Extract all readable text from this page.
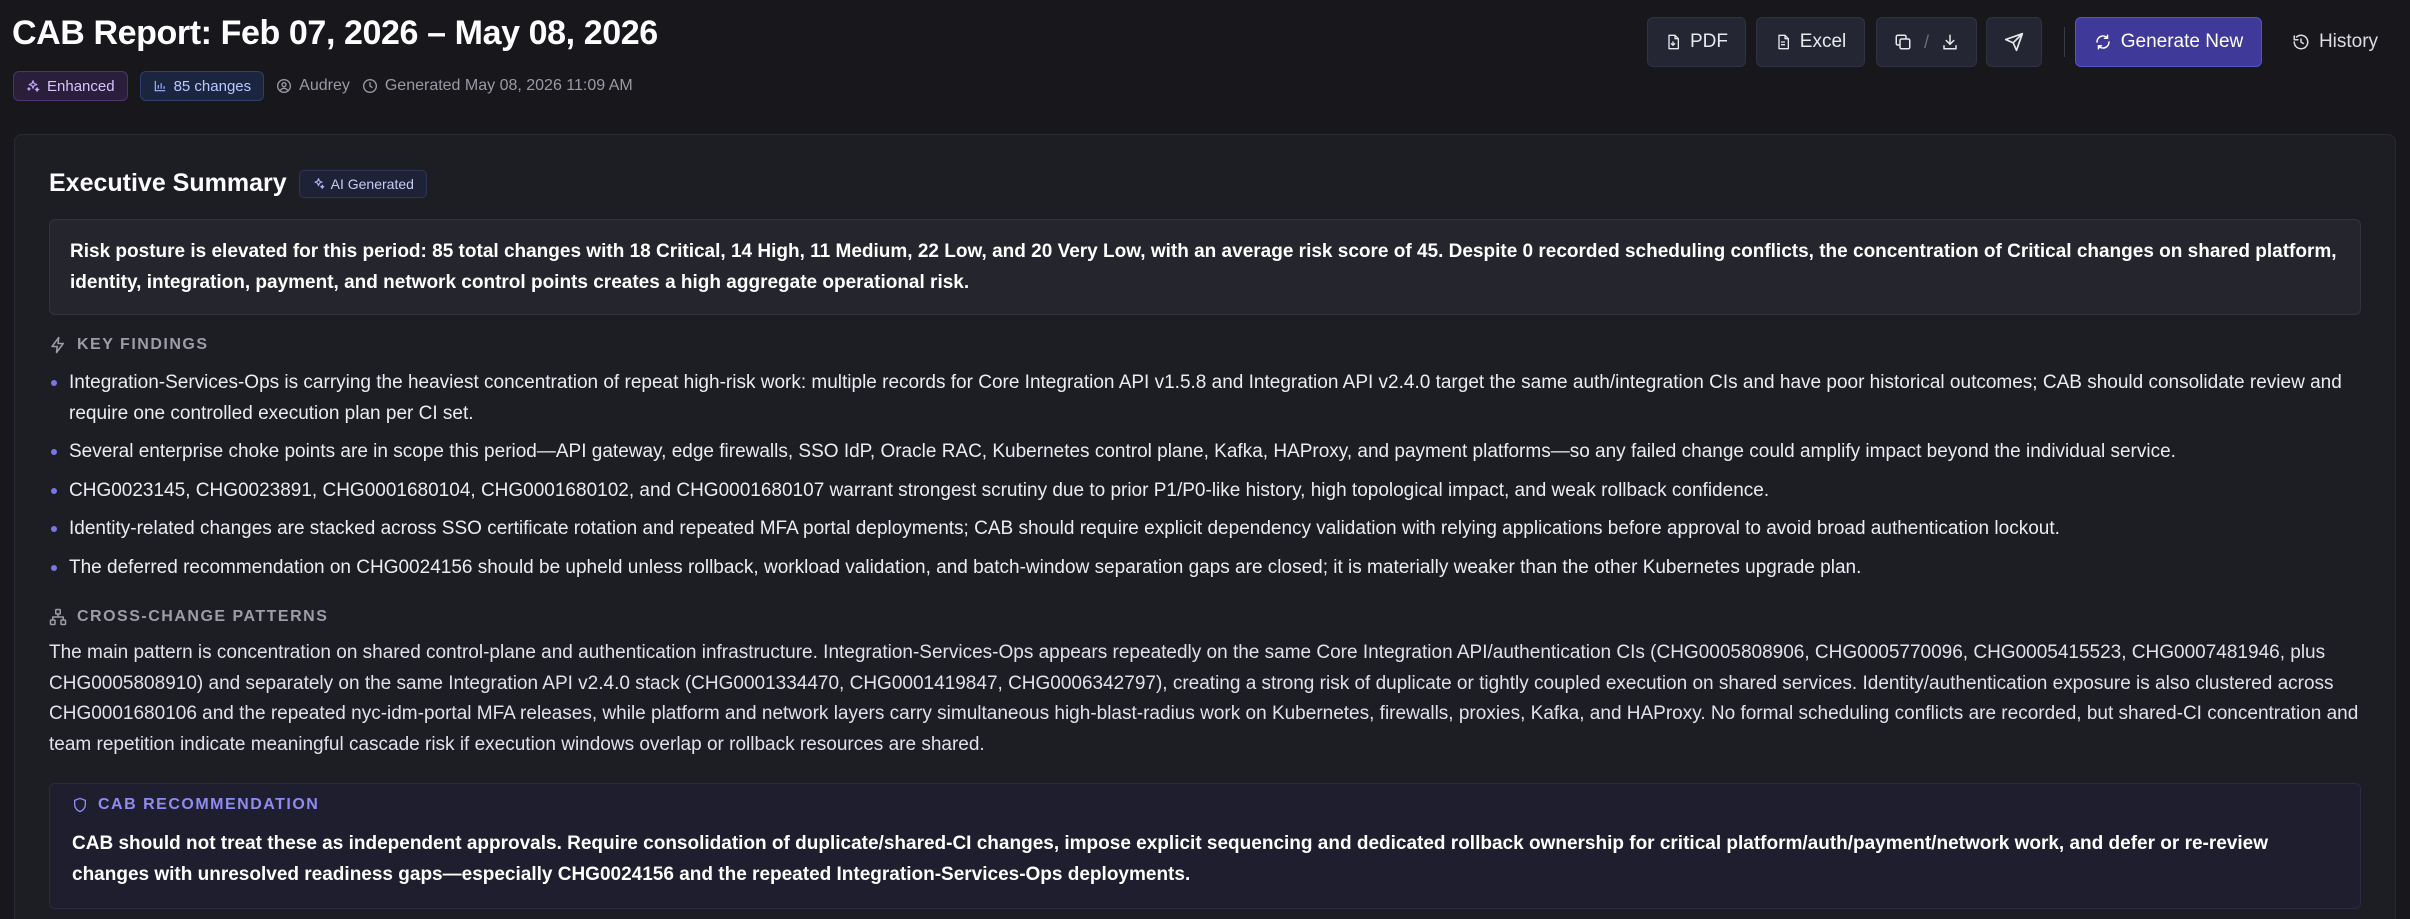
CAB Report: Feb 07, 2026 – May 08, 2026
Enhanced	85 changes	Audrey Generated May 08, 2026 11:09 AM
PDF	Excel	/	Generate New	History
Executive Summary	AI Generated
Risk posture is elevated for this period: 85 total changes with 18 Critical, 14 High, 11 Medium, 22 Low, and 20 Very Low, with an average risk score of 45. Despite 0 recorded scheduling conflicts, the concentration of Critical changes on shared platform, identity, integration, payment, and network control points creates a high aggregate operational risk.
KEY FINDINGS
Integration-Services-Ops is carrying the heaviest concentration of repeat high-risk work: multiple records for Core Integration API v1.5.8 and Integration API v2.4.0 target the same auth/integration CIs and have poor historical outcomes; CAB should consolidate review and require one controlled execution plan per CI set.
Several enterprise choke points are in scope this period—API gateway, edge firewalls, SSO IdP, Oracle RAC, Kubernetes control plane, Kafka, HAProxy, and payment platforms—so any failed change could amplify impact beyond the individual service.
CHG0023145, CHG0023891, CHG0001680104, CHG0001680102, and CHG0001680107 warrant strongest scrutiny due to prior P1/P0-like history, high topological impact, and weak rollback confidence.
Identity-related changes are stacked across SSO certificate rotation and repeated MFA portal deployments; CAB should require explicit dependency validation with relying applications before approval to avoid broad authentication lockout.
The deferred recommendation on CHG0024156 should be upheld unless rollback, workload validation, and batch-window separation gaps are closed; it is materially weaker than the other Kubernetes upgrade plan.
CROSS-CHANGE PATTERNS
The main pattern is concentration on shared control-plane and authentication infrastructure. Integration-Services-Ops appears repeatedly on the same Core Integration API/authentication CIs (CHG0005808906, CHG0005770096, CHG0005415523, CHG0007481946, plus CHG0005808910) and separately on the same Integration API v2.4.0 stack (CHG0001334470, CHG0001419847, CHG0006342797), creating a strong risk of duplicate or tightly coupled execution on shared services. Identity/authentication exposure is also clustered across CHG0001680106 and the repeated nyc-idm-portal MFA releases, while platform and network layers carry simultaneous high-blast-radius work on Kubernetes, firewalls, proxies, Kafka, and HAProxy. No formal scheduling conflicts are recorded, but shared-CI concentration and team repetition indicate meaningful cascade risk if execution windows overlap or rollback resources are shared.
CAB RECOMMENDATION
CAB should not treat these as independent approvals. Require consolidation of duplicate/shared-CI changes, impose explicit sequencing and dedicated rollback ownership for critical platform/auth/payment/network work, and defer or re-review changes with unresolved readiness gaps—especially CHG0024156 and the repeated Integration-Services-Ops deployments.
